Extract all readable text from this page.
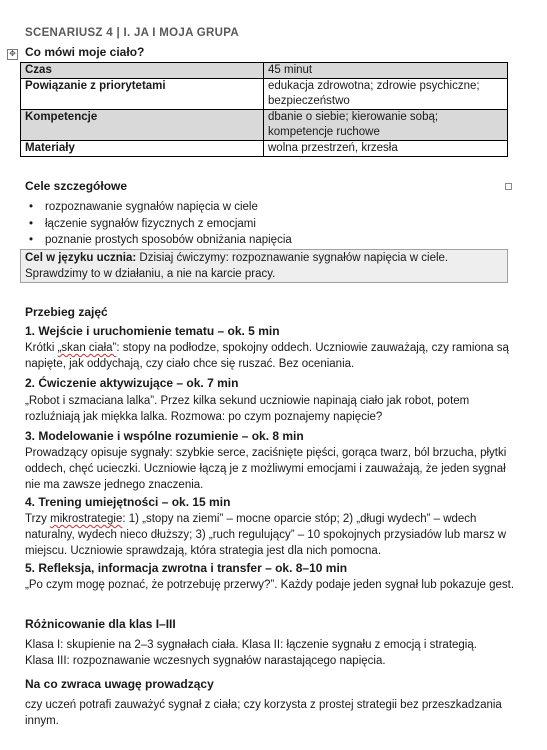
SCENARIUSZ 4 | I. JA I MOJA GRUPA
✥ Co mówi moje ciało?
Czas	45 minut
Powiązanie z priorytetami	edukacja zdrowotna; zdrowie psychiczne; bezpieczeństwo
Kompetencje	dbanie o siebie; kierowanie sobą; kompetencje ruchowe
Materiały	wolna przestrzeń, krzesła
Cele szczegółowe
• rozpoznawanie sygnałów napięcia w ciele
• łączenie sygnałów fizycznych z emocjami
• poznanie prostych sposobów obniżania napięcia
Cel w języku ucznia: Dzisiaj ćwiczymy: rozpoznawanie sygnałów napięcia w ciele. Sprawdzimy to w działaniu, a nie na karcie pracy.
Przebieg zajęć
1. Wejście i uruchomienie tematu – ok. 5 min
Krótki „skan ciała”: stopy na podłodze, spokojny oddech. Uczniowie zauważają, czy ramiona są napięte, jak oddychają, czy ciało chce się ruszać. Bez oceniania.
2. Ćwiczenie aktywizujące – ok. 7 min
„Robot i szmaciana lalka”. Przez kilka sekund uczniowie napinają ciało jak robot, potem rozluźniają jak miękka lalka. Rozmowa: po czym poznajemy napięcie?
3. Modelowanie i wspólne rozumienie – ok. 8 min
Prowadzący opisuje sygnały: szybkie serce, zaciśnięte pięści, gorąca twarz, ból brzucha, płytki oddech, chęć ucieczki. Uczniowie łączą je z możliwymi emocjami i zauważają, że jeden sygnał nie ma zawsze jednego znaczenia.
4. Trening umiejętności – ok. 15 min
Trzy mikrostrategie: 1) „stopy na ziemi” – mocne oparcie stóp; 2) „długi wydech” – wdech naturalny, wydech nieco dłuższy; 3) „ruch regulujący” – 10 spokojnych przysiadów lub marsz w miejscu. Uczniowie sprawdzają, która strategia jest dla nich pomocna.
5. Refleksja, informacja zwrotna i transfer – ok. 8–10 min
„Po czym mogę poznać, że potrzebuję przerwy?”. Każdy podaje jeden sygnał lub pokazuje gest.
Różnicowanie dla klas I–III
Klasa I: skupienie na 2–3 sygnałach ciała. Klasa II: łączenie sygnału z emocją i strategią.
Klasa III: rozpoznawanie wczesnych sygnałów narastającego napięcia.
Na co zwraca uwagę prowadzący
czy uczeń potrafi zauważyć sygnał z ciała; czy korzysta z prostej strategii bez przeszkadzania innym.
